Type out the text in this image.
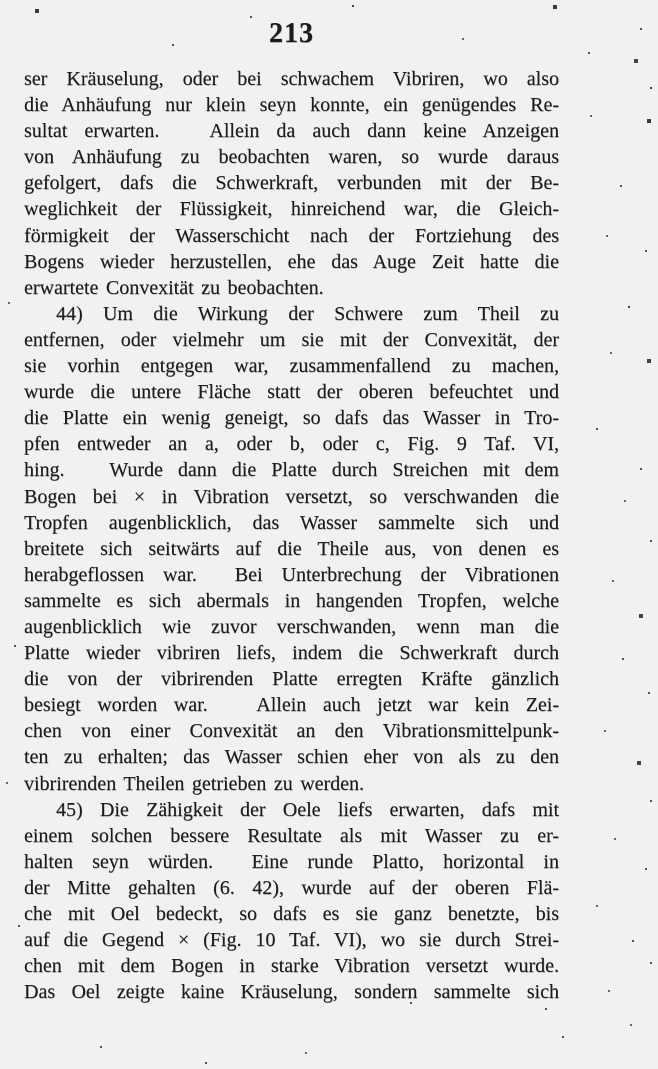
213
ser Kräuselung, oder bei schwachem Vibriren, wo also
die Anhäufung nur klein seyn konnte, ein genügendes Re-
sultat erwarten.   Allein da auch dann keine Anzeigen
von Anhäufung zu beobachten waren, so wurde daraus
gefolgert, dafs die Schwerkraft, verbunden mit der Be-
weglichkeit der Flüssigkeit, hinreichend war, die Gleich-
förmigkeit der Wasserschicht nach der Fortziehung des
Bogens wieder herzustellen, ehe das Auge Zeit hatte die
erwartete Convexität zu beobachten.
44) Um die Wirkung der Schwere zum Theil zu
entfernen, oder vielmehr um sie mit der Convexität, der
sie vorhin entgegen war, zusammenfallend zu machen,
wurde die untere Fläche statt der oberen befeuchtet und
die Platte ein wenig geneigt, so dafs das Wasser in Tro-
pfen entweder an a, oder b, oder c, Fig. 9 Taf. VI,
hing.   Wurde dann die Platte durch Streichen mit dem
Bogen bei × in Vibration versetzt, so verschwanden die
Tropfen augenblicklich, das Wasser sammelte sich und
breitete sich seitwärts auf die Theile aus, von denen es
herabgeflossen war.  Bei Unterbrechung der Vibrationen
sammelte es sich abermals in hangenden Tropfen, welche
augenblicklich wie zuvor verschwanden, wenn man die
Platte wieder vibriren liefs, indem die Schwerkraft durch
die von der vibrirenden Platte erregten Kräfte gänzlich
besiegt worden war.   Allein auch jetzt war kein Zei-
chen von einer Convexität an den Vibrationsmittelpunk-
ten zu erhalten; das Wasser schien eher von als zu den
vibrirenden Theilen getrieben zu werden.
45) Die Zähigkeit der Oele liefs erwarten, dafs mit
einem solchen bessere Resultate als mit Wasser zu er-
halten seyn würden.  Eine runde Platto, horizontal in
der Mitte gehalten (6. 42), wurde auf der oberen Flä-
che mit Oel bedeckt, so dafs es sie ganz benetzte, bis
auf die Gegend × (Fig. 10 Taf. VI), wo sie durch Strei-
chen mit dem Bogen in starke Vibration versetzt wurde.
Das Oel zeigte kaine Kräuselung, sondern sammelte sich
